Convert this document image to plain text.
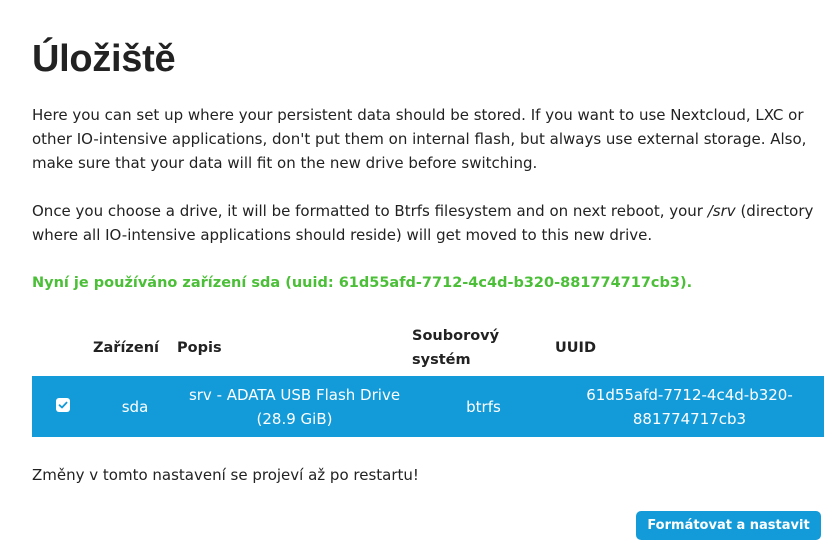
Úložiště

Here you can set up where your persistent data should be stored. If you want to use Nextcloud, LXC or other IO-intensive applications, don't put them on internal flash, but always use external storage. Also, make sure that your data will fit on the new drive before switching.

Once you choose a drive, it will be formatted to Btrfs filesystem and on next reboot, your /srv (directory where all IO-intensive applications should reside) will get moved to this new drive.

Nyní je používáno zařízení sda (uuid: 61d55afd-7712-4c4d-b320-881774717cb3).

	Zařízení	Popis	Souborový systém	UUID

	sda	srv - ADATA USB Flash Drive (28.9 GiB)	btrfs	61d55afd-7712-4c4d-b320-881774717cb3

Změny v tomto nastavení se projeví až po restartu!

Formátovat a nastavit
